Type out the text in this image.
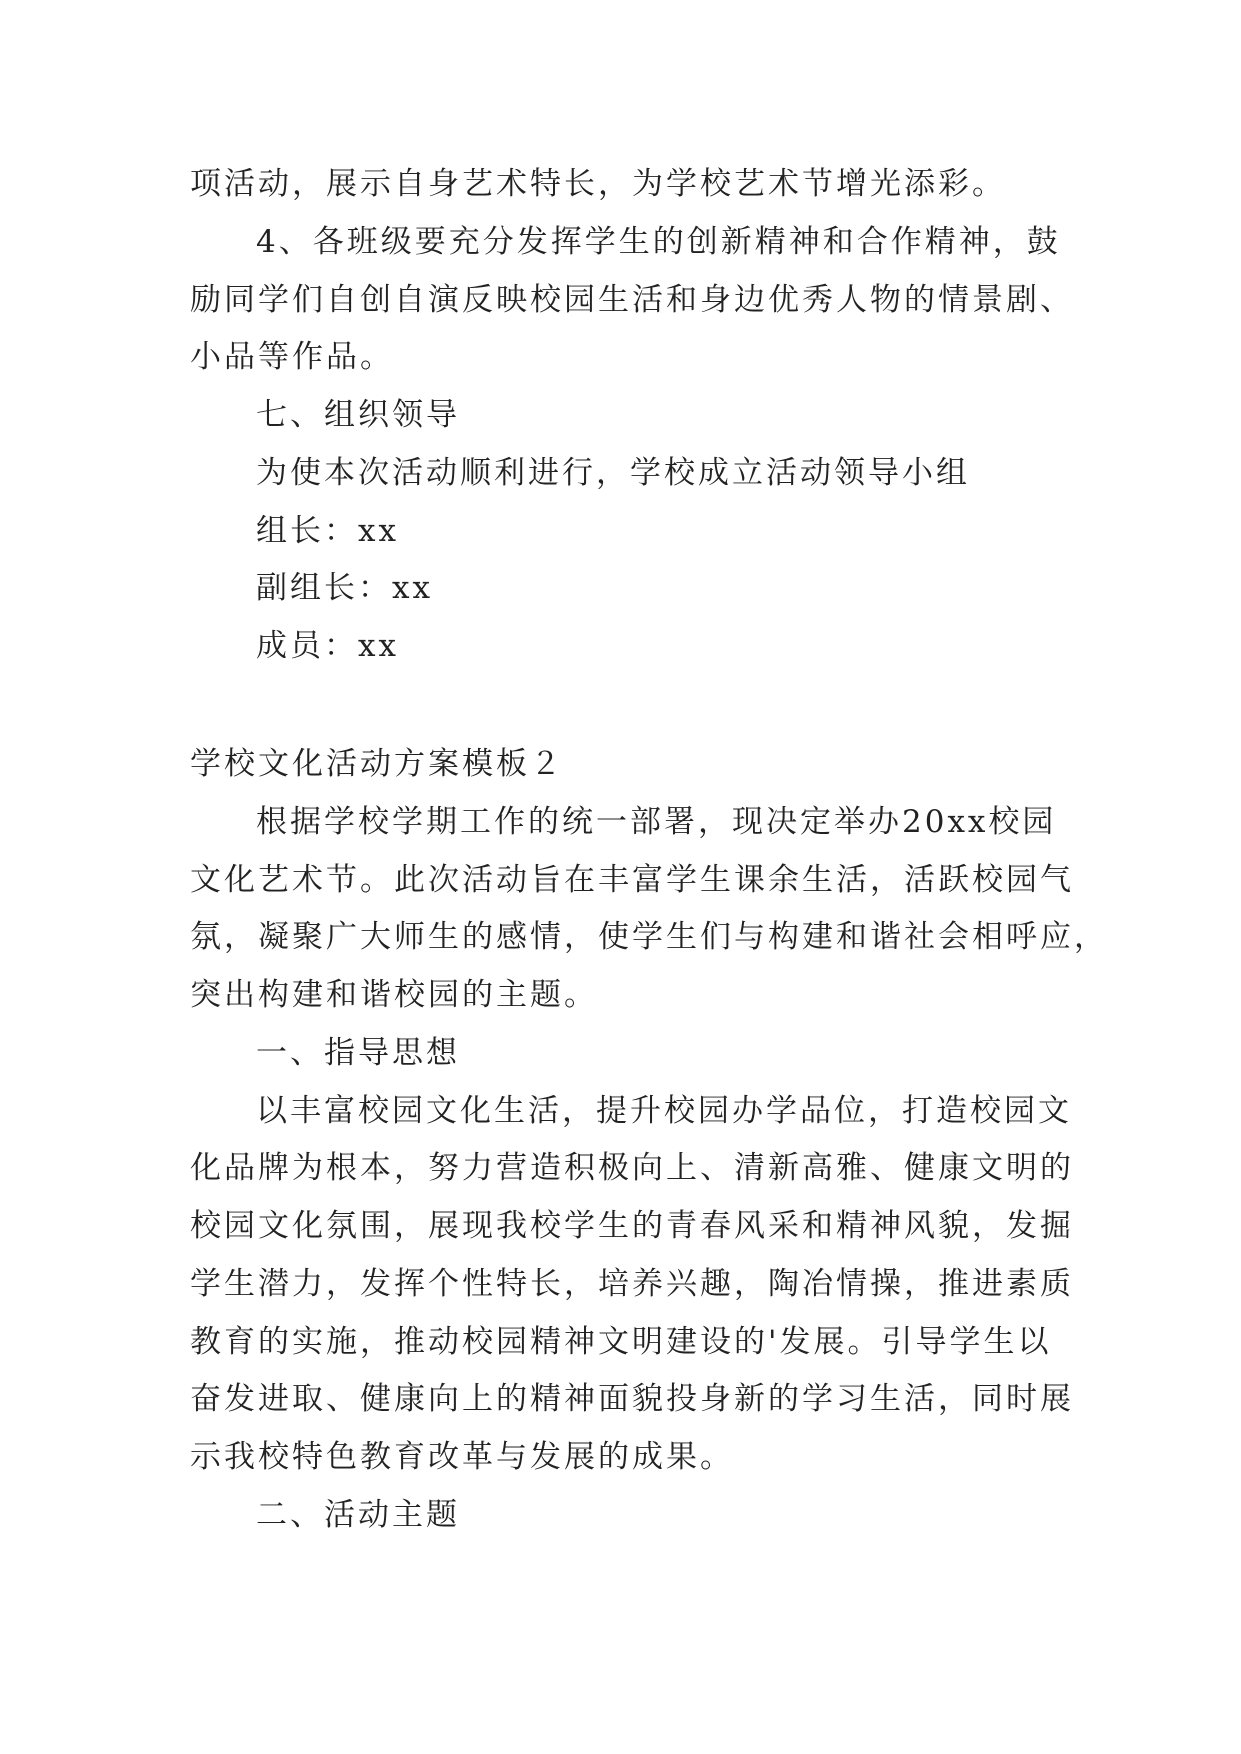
项活动，展示自身艺术特长，为学校艺术节增光添彩。
4、各班级要充分发挥学生的创新精神和合作精神，鼓
励同学们自创自演反映校园生活和身边优秀人物的情景剧、
小品等作品。
七、组织领导
为使本次活动顺利进行，学校成立活动领导小组
组长：xx
副组长：xx
成员：xx
学校文化活动方案模板２
根据学校学期工作的统一部署，现决定举办20xx校园
文化艺术节。此次活动旨在丰富学生课余生活，活跃校园气
氛，凝聚广大师生的感情，使学生们与构建和谐社会相呼应，
突出构建和谐校园的主题。
一、指导思想
以丰富校园文化生活，提升校园办学品位，打造校园文
化品牌为根本，努力营造积极向上、清新高雅、健康文明的
校园文化氛围，展现我校学生的青春风采和精神风貌，发掘
学生潜力，发挥个性特长，培养兴趣，陶冶情操，推进素质
教育的实施，推动校园精神文明建设的'发展。引导学生以
奋发进取、健康向上的精神面貌投身新的学习生活，同时展
示我校特色教育改革与发展的成果。
二、活动主题
